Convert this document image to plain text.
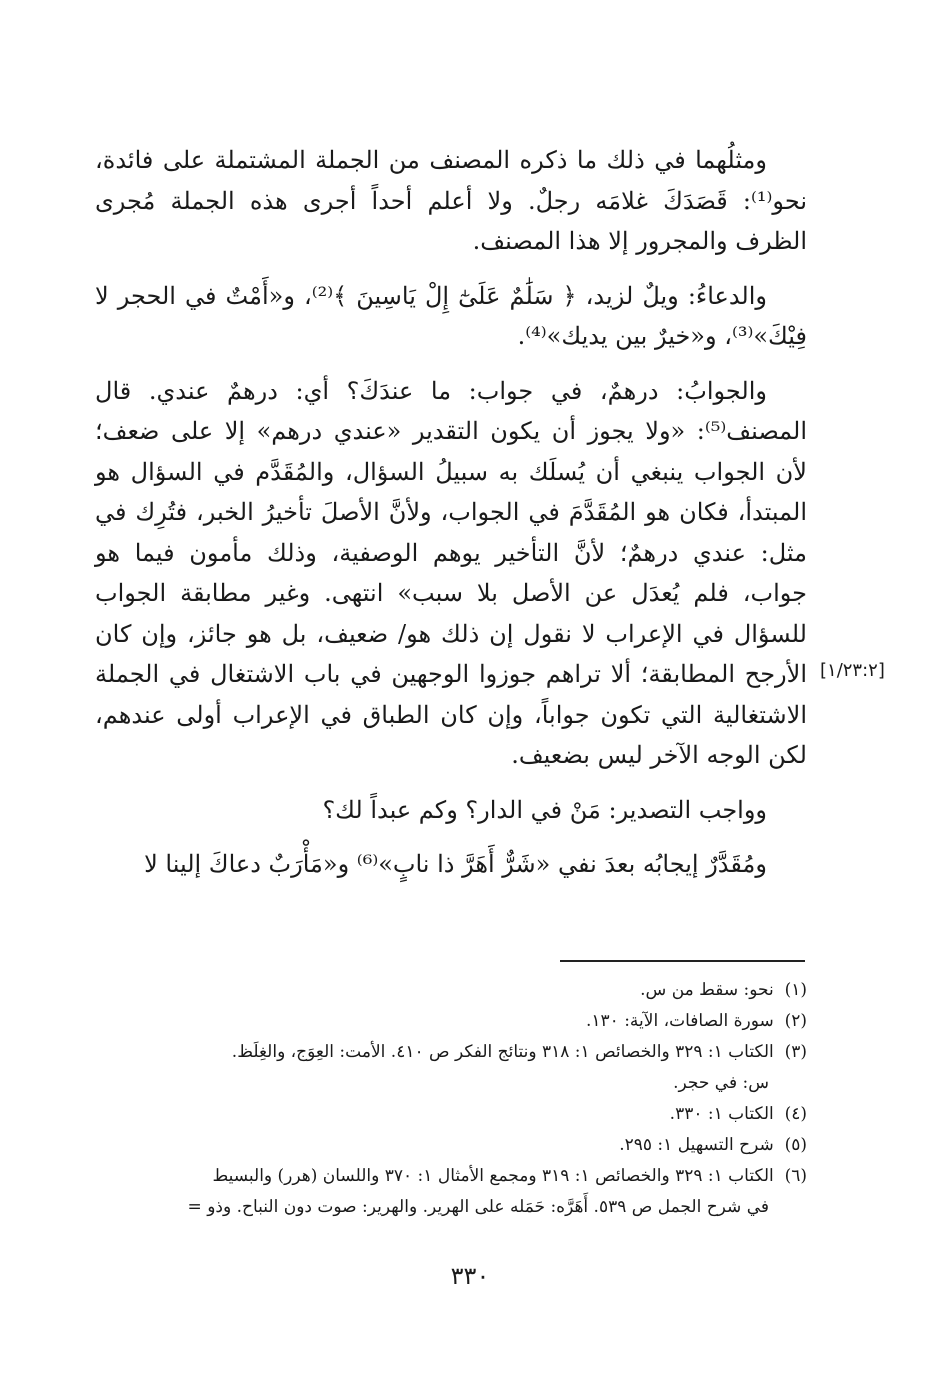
ومثلُهما في ذلك ما ذكره المصنف من الجملة المشتملة على فائدة، نحو⁽¹⁾: قَصَدَكَ غلامَه رجلٌ. ولا أعلم أحداً أجرى هذه الجملة مُجرى الظرف والمجرور إلا هذا المصنف.

والدعاءُ: ويلٌ لزيد، ﴿ سَلَٰمٌ عَلَىٰٓ إِلْ يَاسِينَ ﴾⁽²⁾، و«أَمْتٌ في الحجر لا فِيْكَ»⁽³⁾، و«خيرٌ بين يديك»⁽⁴⁾.

والجوابُ: درهمٌ، في جواب: ما عندَكَ؟ أي: درهمٌ عندي. قال المصنف⁽⁵⁾: «ولا يجوز أن يكون التقدير «عندي درهم» إلا على ضعف؛ لأن الجواب ينبغي أن يُسلَك به سبيلُ السؤال، والمُقَدَّم في السؤال هو المبتدأ، فكان هو المُقَدَّمَ في الجواب، ولأنَّ الأصلَ تأخيرُ الخبر، فتُرِك في مثل: عندي درهمٌ؛ لأنَّ التأخير يوهم الوصفية، وذلك مأمون فيما هو جواب، فلم يُعدَل عن الأصل بلا سبب» انتهى. وغير مطابقة الجواب للسؤال في الإعراب لا نقول إن ذلك هو/ ضعيف، بل هو جائز، وإن كان الأرجح المطابقة؛ ألا تراهم جوزوا الوجهين في باب الاشتغال في الجملة الاشتغالية التي تكون جواباً، وإن كان الطباق في الإعراب أولى عندهم، لكن الوجه الآخر ليس بضعيف.

وواجب التصدير: مَنْ في الدار؟ وكم عبداً لك؟

ومُقَدَّرٌ إيجابُه بعدَ نفي «شَرٌّ أَهَرَّ ذا نابٍ»⁽⁶⁾ و«مَأْرَبٌ دعاكَ إلينا لا

[١/٢٣:٢]
(١)  نحو: سقط من س.
(٢)  سورة الصافات، الآية: ١٣٠.
(٣)  الكتاب ١: ٣٢٩ والخصائص ١: ٣١٨ ونتائج الفكر ص ٤١٠. الأمت: العِوَج، والغِلَظ.
س: في حجر.
(٤)  الكتاب ١: ٣٣٠.
(٥)  شرح التسهيل ١: ٢٩٥.
(٦)  الكتاب ١: ٣٢٩ والخصائص ١: ٣١٩ ومجمع الأمثال ١: ٣٧٠ واللسان (هرر) والبسيط
في شرح الجمل ص ٥٣٩. أَهَرَّه: حَمَله على الهرير. والهرير: صوت دون النباح. وذو =
٣٣٠
